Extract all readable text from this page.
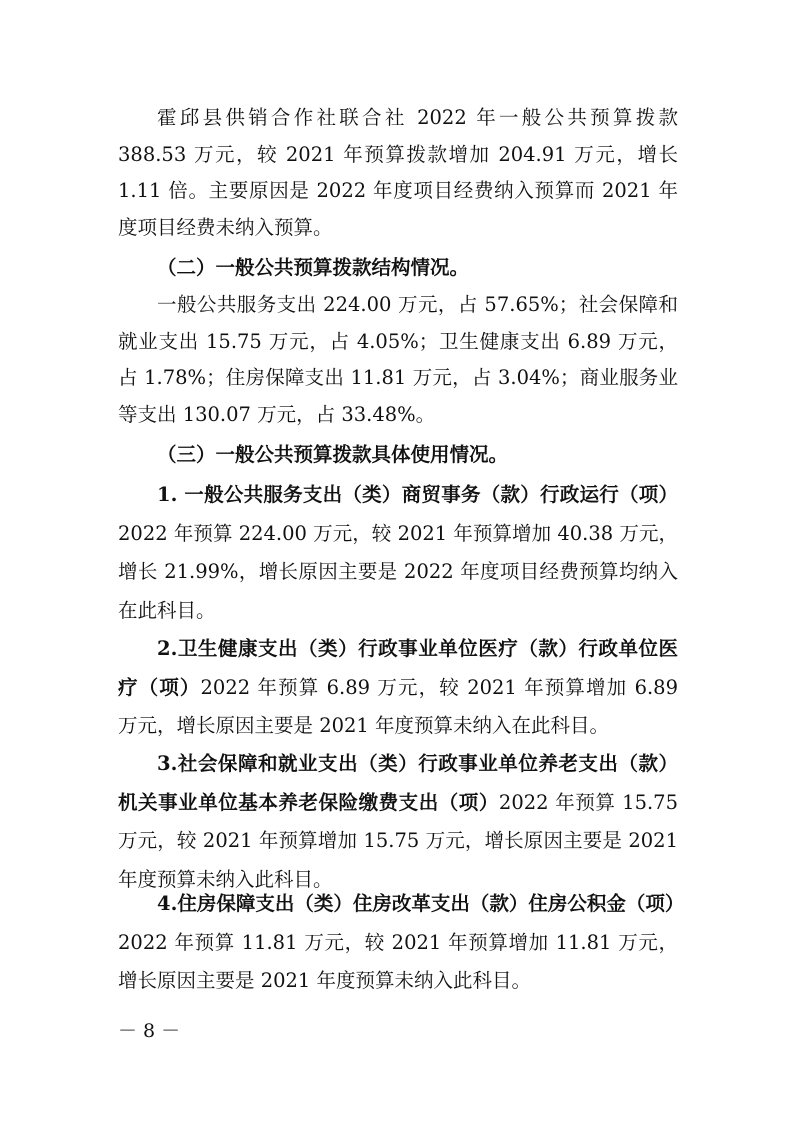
霍邱县供销合作社联合社 2022 年一般公共预算拨款 388.53 万元，较 2021 年预算拨款增加 204.91 万元，增长 1.11 倍。主要原因是 2022 年度项目经费纳入预算而 2021 年度项目经费未纳入预算。

（二）一般公共预算拨款结构情况。

一般公共服务支出 224.00 万元，占 57.65%；社会保障和就业支出 15.75 万元，占 4.05%；卫生健康支出 6.89 万元，占 1.78%；住房保障支出 11.81 万元，占 3.04%；商业服务业等支出 130.07 万元，占 33.48%。

（三）一般公共预算拨款具体使用情况。

1. 一般公共服务支出（类）商贸事务（款）行政运行（项）2022 年预算 224.00 万元，较 2021 年预算增加 40.38 万元，增长 21.99%，增长原因主要是 2022 年度项目经费预算均纳入在此科目。

2.卫生健康支出（类）行政事业单位医疗（款）行政单位医疗（项）2022 年预算 6.89 万元，较 2021 年预算增加 6.89 万元，增长原因主要是 2021 年度预算未纳入在此科目。

3.社会保障和就业支出（类）行政事业单位养老支出（款）机关事业单位基本养老保险缴费支出（项）2022 年预算 15.75 万元，较 2021 年预算增加 15.75 万元，增长原因主要是 2021 年度预算未纳入此科目。

4.住房保障支出（类）住房改革支出（款）住房公积金（项）2022 年预算 11.81 万元，较 2021 年预算增加 11.81 万元，增长原因主要是 2021 年度预算未纳入此科目。

－ 8 －
